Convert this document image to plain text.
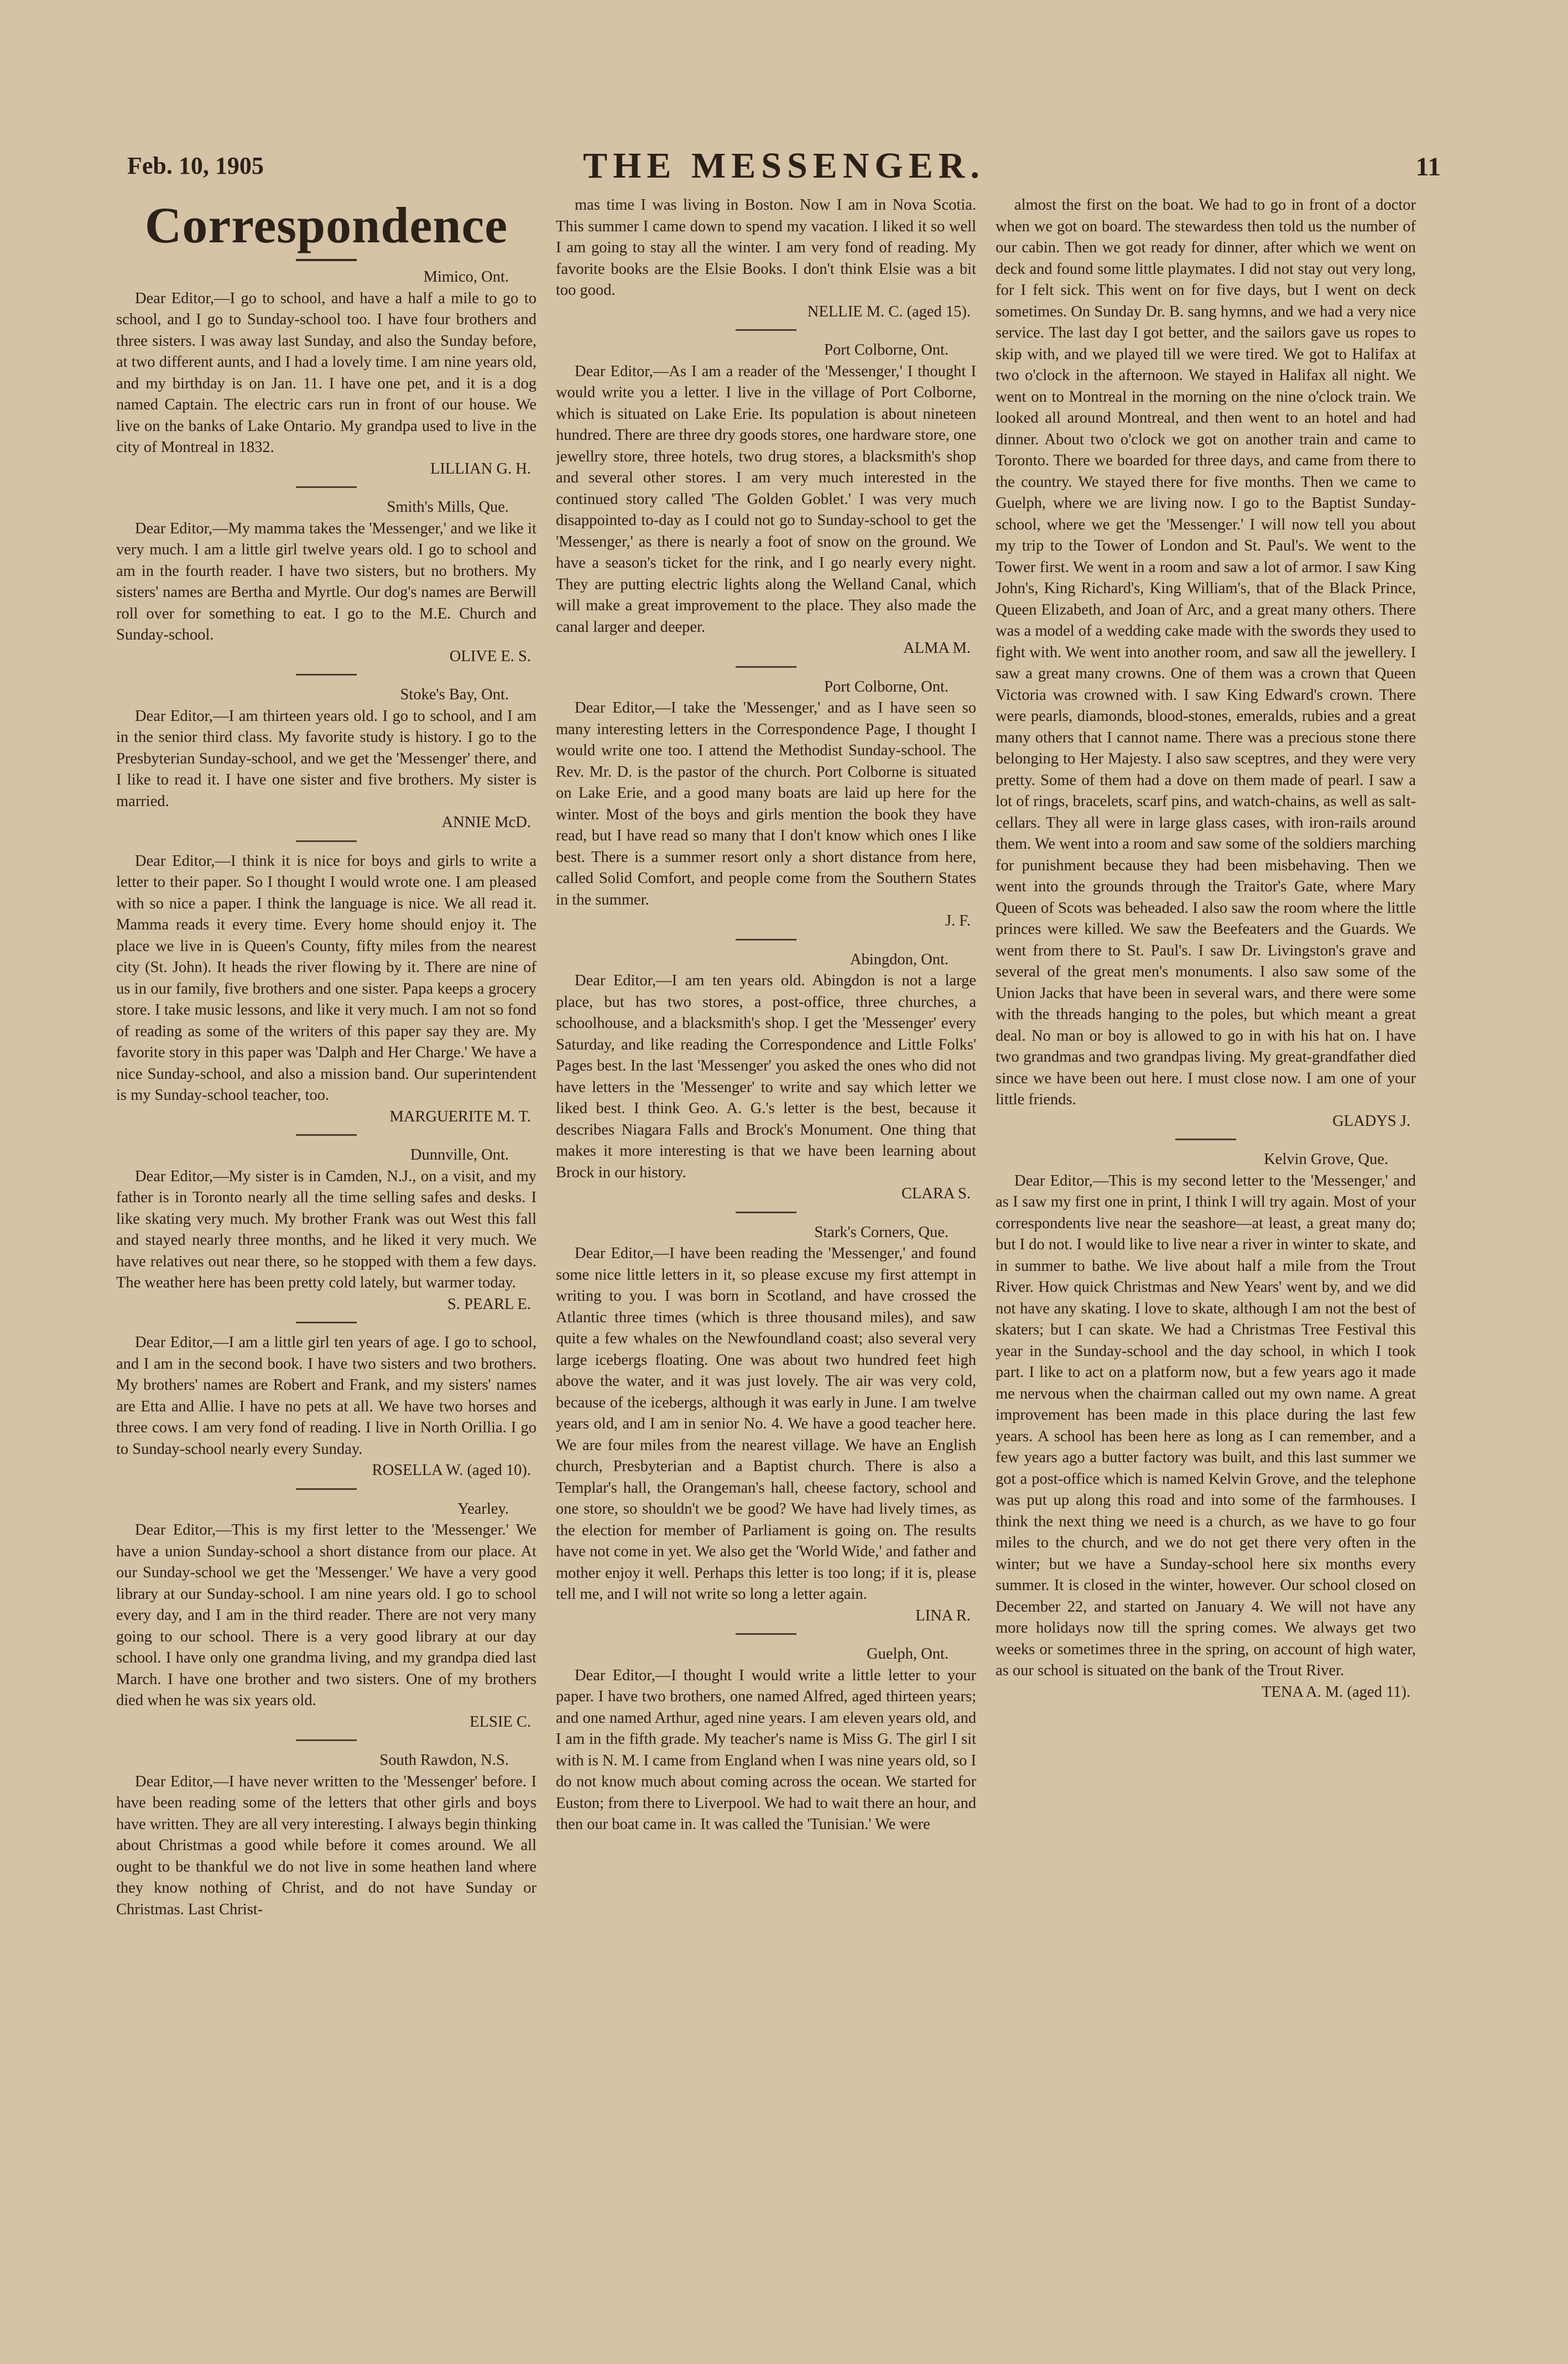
Feb. 10, 1905	THE MESSENGER.	11
Correspondence

Mimico, Ont.

Dear Editor,—I go to school, and have a half a mile to go to school, and I go to Sunday-school too. I have four brothers and three sisters. I was away last Sunday, and also the Sunday before, at two different aunts, and I had a lovely time. I am nine years old, and my birthday is on Jan. 11. I have one pet, and it is a dog named Captain. The electric cars run in front of our house. We live on the banks of Lake Ontario. My grandpa used to live in the city of Montreal in 1832.

LILLIAN G. H.

Smith's Mills, Que.

Dear Editor,—My mamma takes the 'Messenger,' and we like it very much. I am a little girl twelve years old. I go to school and am in the fourth reader. I have two sisters, but no brothers. My sisters' names are Bertha and Myrtle. Our dog's names are Berwill roll over for something to eat. I go to the M.E. Church and Sunday-school.

OLIVE E. S.

Stoke's Bay, Ont.

Dear Editor,—I am thirteen years old. I go to school, and I am in the senior third class. My favorite study is history. I go to the Presbyterian Sunday-school, and we get the 'Messenger' there, and I like to read it. I have one sister and five brothers. My sister is married.

ANNIE McD.

Dear Editor,—I think it is nice for boys and girls to write a letter to their paper. So I thought I would wrote one. I am pleased with so nice a paper. I think the language is nice. We all read it. Mamma reads it every time. Every home should enjoy it. The place we live in is Queen's County, fifty miles from the nearest city (St. John). It heads the river flowing by it. There are nine of us in our family, five brothers and one sister. Papa keeps a grocery store. I take music lessons, and like it very much. I am not so fond of reading as some of the writers of this paper say they are. My favorite story in this paper was 'Dalph and Her Charge.' We have a nice Sunday-school, and also a mission band. Our superintendent is my Sunday-school teacher, too.

MARGUERITE M. T.

Dunnville, Ont.

Dear Editor,—My sister is in Camden, N.J., on a visit, and my father is in Toronto nearly all the time selling safes and desks. I like skating very much. My brother Frank was out West this fall and stayed nearly three months, and he liked it very much. We have relatives out near there, so he stopped with them a few days. The weather here has been pretty cold lately, but warmer today.

S. PEARL E.

Dear Editor,—I am a little girl ten years of age. I go to school, and I am in the second book. I have two sisters and two brothers. My brothers' names are Robert and Frank, and my sisters' names are Etta and Allie. I have no pets at all. We have two horses and three cows. I am very fond of reading. I live in North Orillia. I go to Sunday-school nearly every Sunday.

ROSELLA W. (aged 10).

Yearley.

Dear Editor,—This is my first letter to the 'Messenger.' We have a union Sunday-school a short distance from our place. At our Sunday-school we get the 'Messenger.' We have a very good library at our Sunday-school. I am nine years old. I go to school every day, and I am in the third reader. There are not very many going to our school. There is a very good library at our day school. I have only one grandma living, and my grandpa died last March. I have one brother and two sisters. One of my brothers died when he was six years old.

ELSIE C.

South Rawdon, N.S.

Dear Editor,—I have never written to the 'Messenger' before. I have been reading some of the letters that other girls and boys have written. They are all very interesting. I always begin thinking about Christmas a good while before it comes around. We all ought to be thankful we do not live in some heathen land where they know nothing of Christ, and do not have Sunday or Christmas. Last Christ-

mas time I was living in Boston. Now I am in Nova Scotia. This summer I came down to spend my vacation. I liked it so well I am going to stay all the winter. I am very fond of reading. My favorite books are the Elsie Books. I don't think Elsie was a bit too good.

NELLIE M. C. (aged 15).

Port Colborne, Ont.

Dear Editor,—As I am a reader of the 'Messenger,' I thought I would write you a letter. I live in the village of Port Colborne, which is situated on Lake Erie. Its population is about nineteen hundred. There are three dry goods stores, one hardware store, one jewellry store, three hotels, two drug stores, a blacksmith's shop and several other stores. I am very much interested in the continued story called 'The Golden Goblet.' I was very much disappointed to-day as I could not go to Sunday-school to get the 'Messenger,' as there is nearly a foot of snow on the ground. We have a season's ticket for the rink, and I go nearly every night. They are putting electric lights along the Welland Canal, which will make a great improvement to the place. They also made the canal larger and deeper.

ALMA M.

Port Colborne, Ont.

Dear Editor,—I take the 'Messenger,' and as I have seen so many interesting letters in the Correspondence Page, I thought I would write one too. I attend the Methodist Sunday-school. The Rev. Mr. D. is the pastor of the church. Port Colborne is situated on Lake Erie, and a good many boats are laid up here for the winter. Most of the boys and girls mention the book they have read, but I have read so many that I don't know which ones I like best. There is a summer resort only a short distance from here, called Solid Comfort, and people come from the Southern States in the summer.

J. F.

Abingdon, Ont.

Dear Editor,—I am ten years old. Abingdon is not a large place, but has two stores, a post-office, three churches, a schoolhouse, and a blacksmith's shop. I get the 'Messenger' every Saturday, and like reading the Correspondence and Little Folks' Pages best. In the last 'Messenger' you asked the ones who did not have letters in the 'Messenger' to write and say which letter we liked best. I think Geo. A. G.'s letter is the best, because it describes Niagara Falls and Brock's Monument. One thing that makes it more interesting is that we have been learning about Brock in our history.

CLARA S.

Stark's Corners, Que.

Dear Editor,—I have been reading the 'Messenger,' and found some nice little letters in it, so please excuse my first attempt in writing to you. I was born in Scotland, and have crossed the Atlantic three times (which is three thousand miles), and saw quite a few whales on the Newfoundland coast; also several very large icebergs floating. One was about two hundred feet high above the water, and it was just lovely. The air was very cold, because of the icebergs, although it was early in June. I am twelve years old, and I am in senior No. 4. We have a good teacher here. We are four miles from the nearest village. We have an English church, Presbyterian and a Baptist church. There is also a Templar's hall, the Orangeman's hall, cheese factory, school and one store, so shouldn't we be good? We have had lively times, as the election for member of Parliament is going on. The results have not come in yet. We also get the 'World Wide,' and father and mother enjoy it well. Perhaps this letter is too long; if it is, please tell me, and I will not write so long a letter again.

LINA R.

Guelph, Ont.

Dear Editor,—I thought I would write a little letter to your paper. I have two brothers, one named Alfred, aged thirteen years; and one named Arthur, aged nine years. I am eleven years old, and I am in the fifth grade. My teacher's name is Miss G. The girl I sit with is N. M. I came from England when I was nine years old, so I do not know much about coming across the ocean. We started for Euston; from there to Liverpool. We had to wait there an hour, and then our boat came in. It was called the 'Tunisian.' We were

almost the first on the boat. We had to go in front of a doctor when we got on board. The stewardess then told us the number of our cabin. Then we got ready for dinner, after which we went on deck and found some little playmates. I did not stay out very long, for I felt sick. This went on for five days, but I went on deck sometimes. On Sunday Dr. B. sang hymns, and we had a very nice service. The last day I got better, and the sailors gave us ropes to skip with, and we played till we were tired. We got to Halifax at two o'clock in the afternoon. We stayed in Halifax all night. We went on to Montreal in the morning on the nine o'clock train. We looked all around Montreal, and then went to an hotel and had dinner. About two o'clock we got on another train and came to Toronto. There we boarded for three days, and came from there to the country. We stayed there for five months. Then we came to Guelph, where we are living now. I go to the Baptist Sunday-school, where we get the 'Messenger.' I will now tell you about my trip to the Tower of London and St. Paul's. We went to the Tower first. We went in a room and saw a lot of armor. I saw King John's, King Richard's, King William's, that of the Black Prince, Queen Elizabeth, and Joan of Arc, and a great many others. There was a model of a wedding cake made with the swords they used to fight with. We went into another room, and saw all the jewellery. I saw a great many crowns. One of them was a crown that Queen Victoria was crowned with. I saw King Edward's crown. There were pearls, diamonds, blood-stones, emeralds, rubies and a great many others that I cannot name. There was a precious stone there belonging to Her Majesty. I also saw sceptres, and they were very pretty. Some of them had a dove on them made of pearl. I saw a lot of rings, bracelets, scarf pins, and watch-chains, as well as salt-cellars. They all were in large glass cases, with iron-rails around them. We went into a room and saw some of the soldiers marching for punishment because they had been misbehaving. Then we went into the grounds through the Traitor's Gate, where Mary Queen of Scots was beheaded. I also saw the room where the little princes were killed. We saw the Beefeaters and the Guards. We went from there to St. Paul's. I saw Dr. Livingston's grave and several of the great men's monuments. I also saw some of the Union Jacks that have been in several wars, and there were some with the threads hanging to the poles, but which meant a great deal. No man or boy is allowed to go in with his hat on. I have two grandmas and two grandpas living. My great-grandfather died since we have been out here. I must close now. I am one of your little friends.

GLADYS J.

Kelvin Grove, Que.

Dear Editor,—This is my second letter to the 'Messenger,' and as I saw my first one in print, I think I will try again. Most of your correspondents live near the seashore—at least, a great many do; but I do not. I would like to live near a river in winter to skate, and in summer to bathe. We live about half a mile from the Trout River. How quick Christmas and New Years' went by, and we did not have any skating. I love to skate, although I am not the best of skaters; but I can skate. We had a Christmas Tree Festival this year in the Sunday-school and the day school, in which I took part. I like to act on a platform now, but a few years ago it made me nervous when the chairman called out my own name. A great improvement has been made in this place during the last few years. A school has been here as long as I can remember, and a few years ago a butter factory was built, and this last summer we got a post-office which is named Kelvin Grove, and the telephone was put up along this road and into some of the farmhouses. I think the next thing we need is a church, as we have to go four miles to the church, and we do not get there very often in the winter; but we have a Sunday-school here six months every summer. It is closed in the winter, however. Our school closed on December 22, and started on January 4. We will not have any more holidays now till the spring comes. We always get two weeks or sometimes three in the spring, on account of high water, as our school is situated on the bank of the Trout River.

TENA A. M. (aged 11).
